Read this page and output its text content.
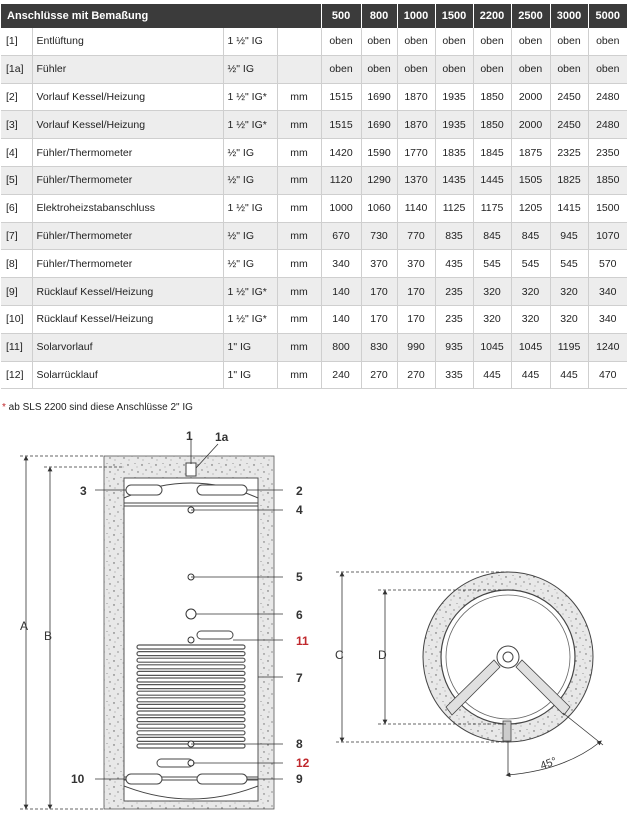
Anschlüsse mit Bemaßung				500	800	1000	1500	2200	2500	3000	5000
[1]	Entlüftung	1 ½" IG		oben	oben	oben	oben	oben	oben	oben	oben
[1a]	Fühler	½" IG		oben	oben	oben	oben	oben	oben	oben	oben
[2]	Vorlauf Kessel/Heizung	1 ½" IG*	mm	1515	1690	1870	1935	1850	2000	2450	2480
[3]	Vorlauf Kessel/Heizung	1 ½" IG*	mm	1515	1690	1870	1935	1850	2000	2450	2480
[4]	Fühler/Thermometer	½" IG	mm	1420	1590	1770	1835	1845	1875	2325	2350
[5]	Fühler/Thermometer	½" IG	mm	1120	1290	1370	1435	1445	1505	1825	1850
[6]	Elektroheizstabanschluss	1 ½" IG	mm	1000	1060	1140	1125	1175	1205	1415	1500
[7]	Fühler/Thermometer	½" IG	mm	670	730	770	835	845	845	945	1070
[8]	Fühler/Thermometer	½" IG	mm	340	370	370	435	545	545	545	570
[9]	Rücklauf Kessel/Heizung	1 ½" IG*	mm	140	170	170	235	320	320	320	340
[10]	Rücklauf Kessel/Heizung	1 ½" IG*	mm	140	170	170	235	320	320	320	340
[11]	Solarvorlauf	1" IG	mm	800	830	990	935	1045	1045	1195	1240
[12]	Solarrücklauf	1" IG	mm	240	270	270	335	445	445	445	470
* ab SLS 2200 sind diese Anschlüsse 2" IG
1 1a
3	2
4
5
6
11
7
8
12
9
10
A
B
C	D
45°
